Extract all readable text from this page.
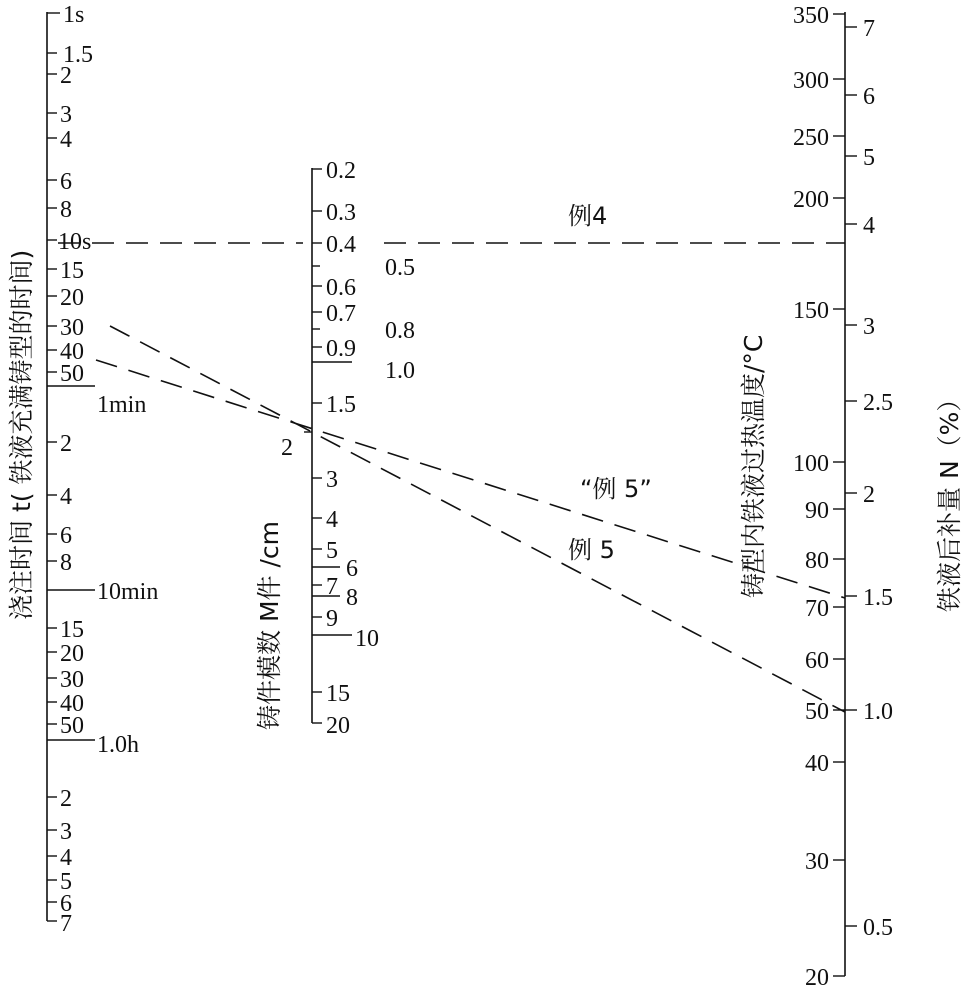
1s
1.5
2
3
4
6
8
10s
15
20
30
40
50
1min
2
4
6
8
10min
15
20
30
40
50
1.0h
2
3
4
5
6
7
浇注时间 t( 铁液充满铸型的时间)
0.2
0.3
0.4
0.5
0.6
0.7
0.8
0.9
1.0
1.5
2
3
4
5
6
7 8
9
10
15
20
铸件模数 M件 /cm
350
300
250
200
150
100
90
80
70
60
50
40
30
20
铸型内铁液过热温度/°C
7
6
5
4
3
2.5
2
1.5
1.0
0.5
铁液后补量 N（%）
例4
“例 5”
例 5
